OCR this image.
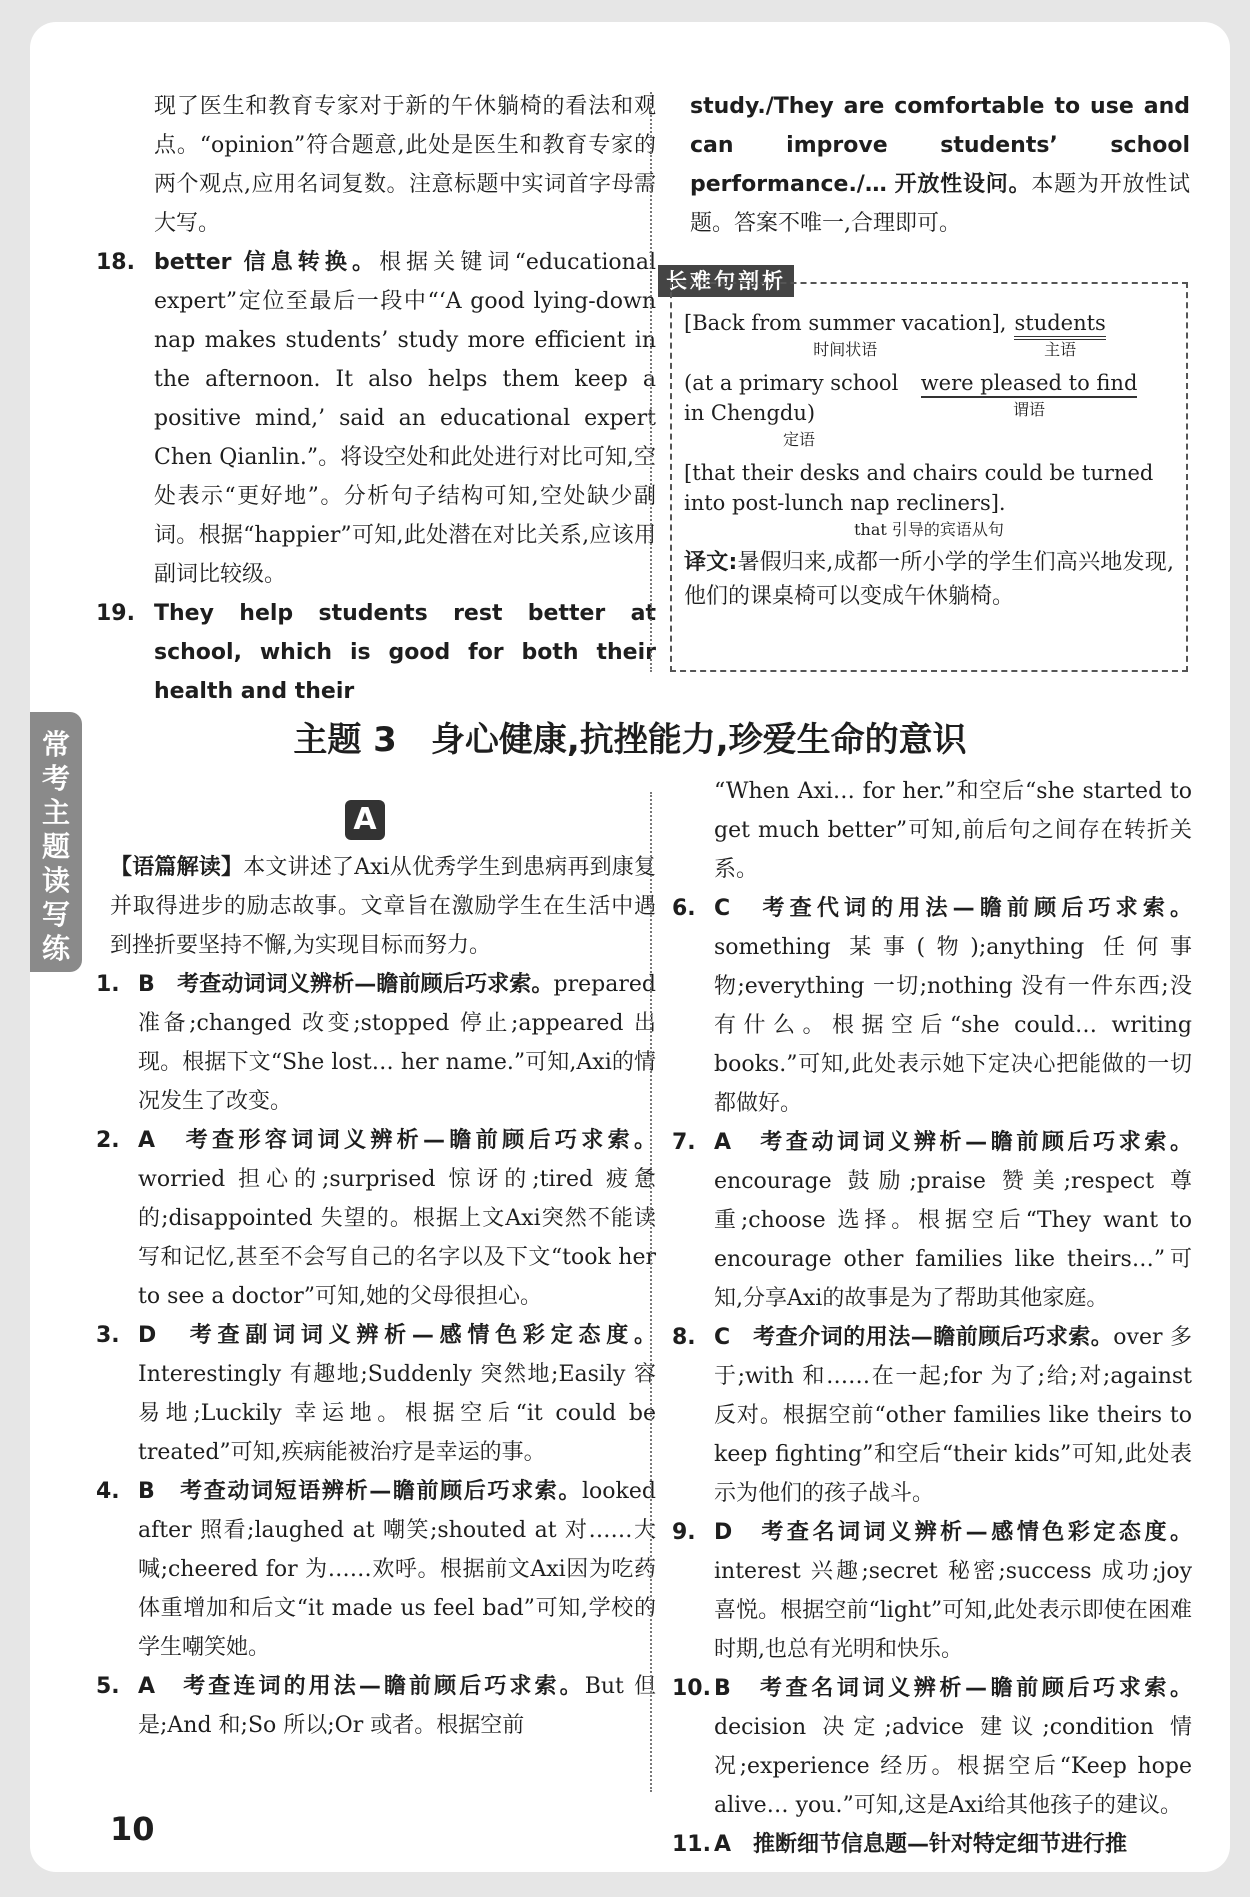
常
考
主
题
读
写
练
现了医生和教育专家对于新的午休躺椅的看法和观点。“opinion”符合题意,此处是医生和教育专家的两个观点,应用名词复数。注意标题中实词首字母需大写。
18. better 信息转换。根据关键词“educational expert”定位至最后一段中“‘A good lying-down nap makes students’ study more efficient in the afternoon. It also helps them keep a positive mind,’ said an educational expert Chen Qianlin.”。将设空处和此处进行对比可知,空处表示“更好地”。分析句子结构可知,空处缺少副词。根据“happier”可知,此处潜在对比关系,应该用副词比较级。
19. They help students rest better at school, which is good for both their health and their
study./They are comfortable to use and can improve students’ school performance./… 开放性设问。本题为开放性试题。答案不唯一,合理即可。
长难句剖析
[Back from summer vacation],
时间状语
students
主语
(at a primary school in Chengdu)
定语
were pleased to find
谓语
[that their desks and chairs could be turned into post-lunch nap recliners].
that 引导的宾语从句
译文:暑假归来,成都一所小学的学生们高兴地发现,他们的课桌椅可以变成午休躺椅。
主题 3　身心健康,抗挫能力,珍爱生命的意识
A
【语篇解读】本文讲述了Axi从优秀学生到患病再到康复并取得进步的励志故事。文章旨在激励学生在生活中遇到挫折要坚持不懈,为实现目标而努力。
1. B　 考查动词词义辨析—瞻前顾后巧求索。prepared 准备;changed 改变;stopped 停止;appeared 出现。根据下文“She lost… her name.”可知,Axi的情况发生了改变。
2. A　 考查形容词词义辨析—瞻前顾后巧求索。worried 担心的;surprised 惊讶的;tired 疲惫的;disappointed 失望的。根据上文Axi突然不能读写和记忆,甚至不会写自己的名字以及下文“took her to see a doctor”可知,她的父母很担心。
3. D　 考查副词词义辨析—感情色彩定态度。Interestingly 有趣地;Suddenly 突然地;Easily 容易地;Luckily 幸运地。根据空后“it could be treated”可知,疾病能被治疗是幸运的事。
4. B　 考查动词短语辨析—瞻前顾后巧求索。looked after 照看;laughed at 嘲笑;shouted at 对……大喊;cheered for 为……欢呼。根据前文Axi因为吃药体重增加和后文“it made us feel bad”可知,学校的学生嘲笑她。
5. A　 考查连词的用法—瞻前顾后巧求索。But 但是;And 和;So 所以;Or 或者。根据空前
“When Axi… for her.”和空后“she started to get much better”可知,前后句之间存在转折关系。
6. C　 考查代词的用法—瞻前顾后巧求索。something 某事(物);anything 任何事物;everything 一切;nothing 没有一件东西;没有什么。根据空后“she could… writing books.”可知,此处表示她下定决心把能做的一切都做好。
7. A　 考查动词词义辨析—瞻前顾后巧求索。encourage 鼓励;praise 赞美;respect 尊重;choose 选择。根据空后“They want to encourage other families like theirs…”可知,分享Axi的故事是为了帮助其他家庭。
8. C　 考查介词的用法—瞻前顾后巧求索。over 多于;with 和……在一起;for 为了;给;对;against 反对。根据空前“other families like theirs to keep fighting”和空后“their kids”可知,此处表示为他们的孩子战斗。
9. D　 考查名词词义辨析—感情色彩定态度。interest 兴趣;secret 秘密;success 成功;joy 喜悦。根据空前“light”可知,此处表示即使在困难时期,也总有光明和快乐。
10. B　 考查名词词义辨析—瞻前顾后巧求索。decision 决定;advice 建议;condition 情况;experience 经历。根据空后“Keep hope alive… you.”可知,这是Axi给其他孩子的建议。
11. A　 推断细节信息题—针对特定细节进行推
10
